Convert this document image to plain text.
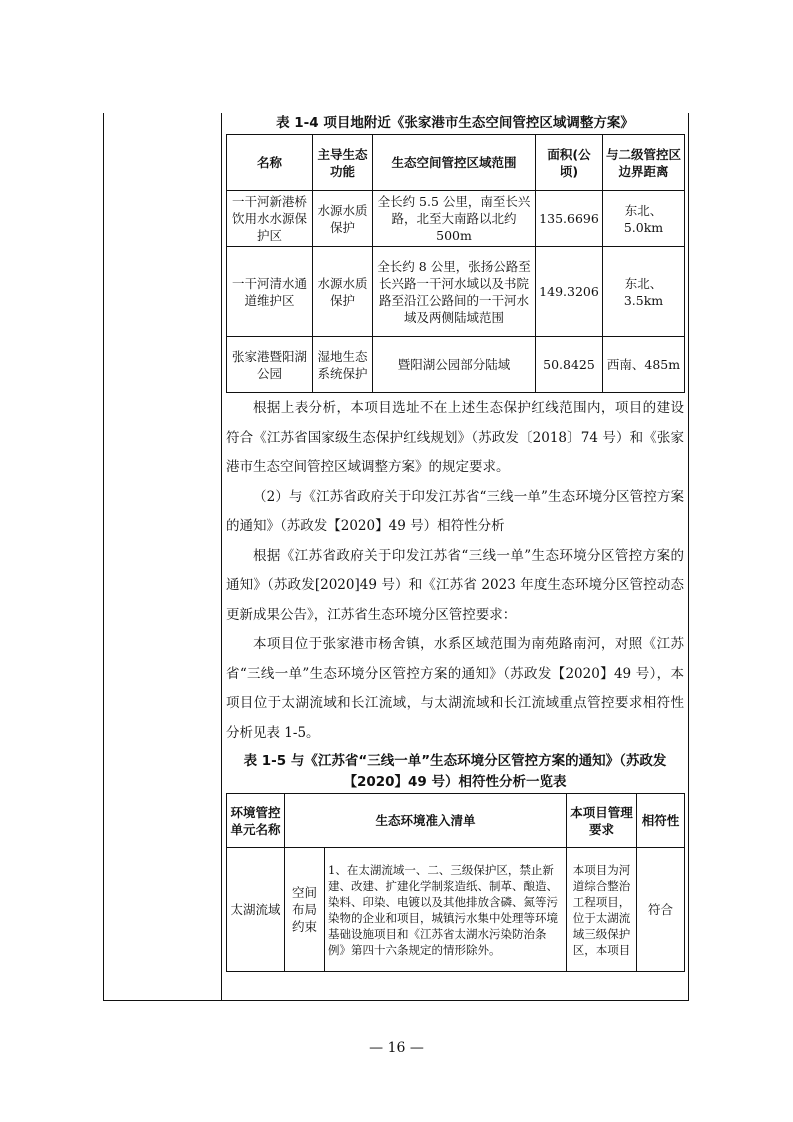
表 1-4 项目地附近《张家港市生态空间管控区域调整方案》
名称	主导生态功能	生态空间管控区域范围	面积(公顷)	与二级管控区边界距离
一干河新港桥饮用水水源保护区	水源水质保护	全长约 5.5 公里，南至长兴路，北至大南路以北约 500m	135.6696	东北、5.0km
一干河清水通道维护区	水源水质保护	全长约 8 公里，张扬公路至长兴路一干河水域以及书院路至沿江公路间的一干河水域及两侧陆域范围	149.3206	东北、3.5km
张家港暨阳湖公园	湿地生态系统保护	暨阳湖公园部分陆域	50.8425	西南、485m

根据上表分析，本项目选址不在上述生态保护红线范围内，项目的建设符合《江苏省国家级生态保护红线规划》（苏政发〔2018〕74 号）和《张家港市生态空间管控区域调整方案》的规定要求。

（2）与《江苏省政府关于印发江苏省“三线一单”生态环境分区管控方案的通知》（苏政发【2020】49 号）相符性分析

根据《江苏省政府关于印发江苏省“三线一单”生态环境分区管控方案的通知》（苏政发[2020]49 号）和《江苏省 2023 年度生态环境分区管控动态更新成果公告》，江苏省生态环境分区管控要求：

本项目位于张家港市杨舍镇，水系区域范围为南苑路南河，对照《江苏省“三线一单”生态环境分区管控方案的通知》（苏政发【2020】49 号），本项目位于太湖流域和长江流域，与太湖流域和长江流域重点管控要求相符性分析见表 1-5。

表 1-5 与《江苏省“三线一单”生态环境分区管控方案的通知》（苏政发【2020】49 号）相符性分析一览表
环境管控单元名称	生态环境准入清单		本项目管理要求	相符性
太湖流域	空间布局约束	1、在太湖流域一、二、三级保护区，禁止新建、改建、扩建化学制浆造纸、制革、酿造、染料、印染、电镀以及其他排放含磷、氮等污染物的企业和项目，城镇污水集中处理等环境基础设施项目和《江苏省太湖水污染防治条例》第四十六条规定的情形除外。	本项目为河道综合整治工程项目，位于太湖流域三级保护区，本项目	符合
— 16 —
